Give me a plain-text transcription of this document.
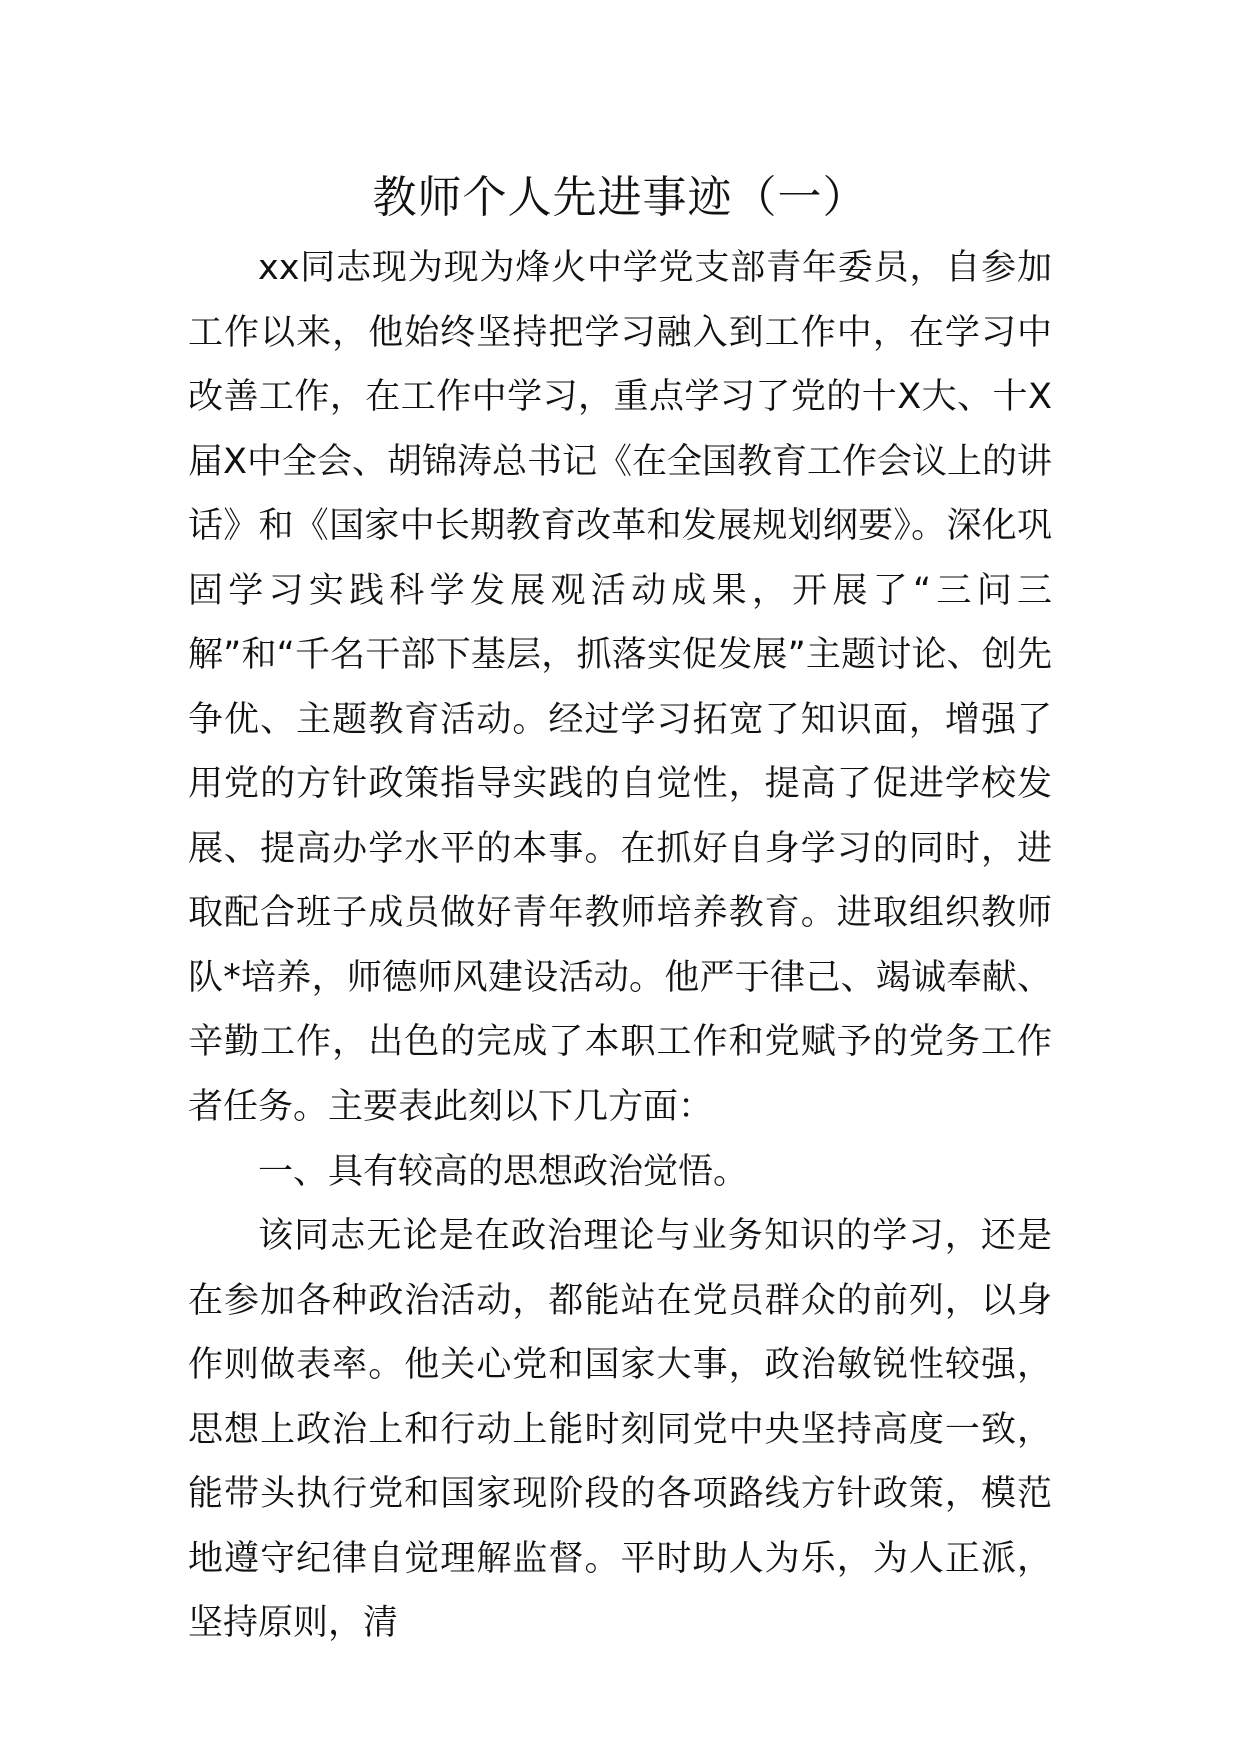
教师个人先进事迹（一）

xx同志现为现为烽火中学党支部青年委员，自参加工作以来，他始终坚持把学习融入到工作中，在学习中改善工作，在工作中学习，重点学习了党的十X大、十X届X中全会、胡锦涛总书记《在全国教育工作会议上的讲话》和《国家中长期教育改革和发展规划纲要》。深化巩固学习实践科学发展观活动成果，开展了“三问三解”和“千名干部下基层，抓落实促发展”主题讨论、创先争优、主题教育活动。经过学习拓宽了知识面，增强了用党的方针政策指导实践的自觉性，提高了促进学校发展、提高办学水平的本事。在抓好自身学习的同时，进取配合班子成员做好青年教师培养教育。进取组织教师队*培养，师德师风建设活动。他严于律己、竭诚奉献、辛勤工作，出色的完成了本职工作和党赋予的党务工作者任务。主要表此刻以下几方面：

一、具有较高的思想政治觉悟。

该同志无论是在政治理论与业务知识的学习，还是在参加各种政治活动，都能站在党员群众的前列，以身作则做表率。他关心党和国家大事，政治敏锐性较强，思想上政治上和行动上能时刻同党中央坚持高度一致，能带头执行党和国家现阶段的各项路线方针政策，模范地遵守纪律自觉理解监督。平时助人为乐，为人正派，坚持原则，清
